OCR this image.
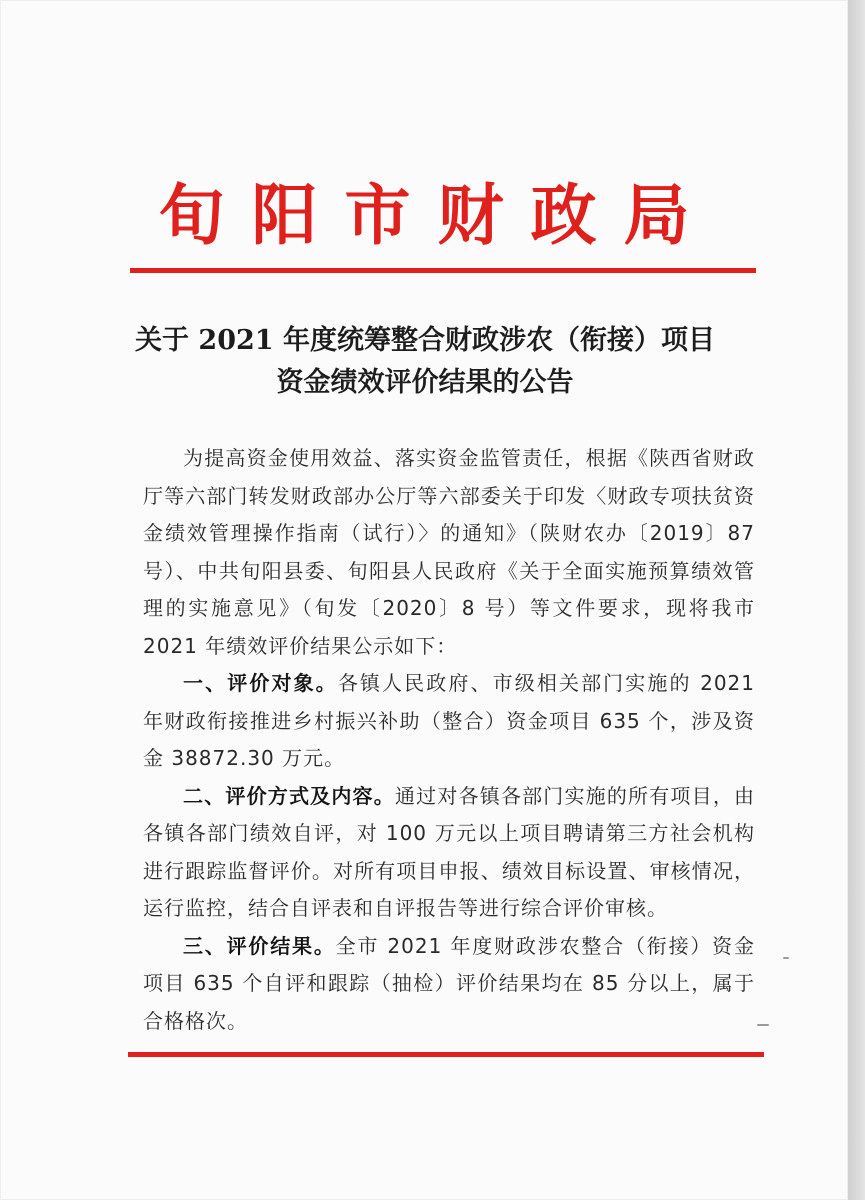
旬阳市财政局
关于 2021 年度统筹整合财政涉农（衔接）项目
资金绩效评价结果的公告

为提高资金使用效益、落实资金监管责任，根据《陕西省财政厅等六部门转发财政部办公厅等六部委关于印发〈财政专项扶贫资金绩效管理操作指南（试行）〉的通知》（陕财农办〔2019〕87 号）、中共旬阳县委、旬阳县人民政府《关于全面实施预算绩效管理的实施意见》（旬发〔2020〕8 号）等文件要求，现将我市 2021 年绩效评价结果公示如下：

一、评价对象。各镇人民政府、市级相关部门实施的 2021 年财政衔接推进乡村振兴补助（整合）资金项目 635 个，涉及资金 38872.30 万元。

二、评价方式及内容。通过对各镇各部门实施的所有项目，由各镇各部门绩效自评，对 100 万元以上项目聘请第三方社会机构进行跟踪监督评价。对所有项目申报、绩效目标设置、审核情况，运行监控，结合自评表和自评报告等进行综合评价审核。

三、评价结果。全市 2021 年度财政涉农整合（衔接）资金项目 635 个自评和跟踪（抽检）评价结果均在 85 分以上，属于合格格次。
